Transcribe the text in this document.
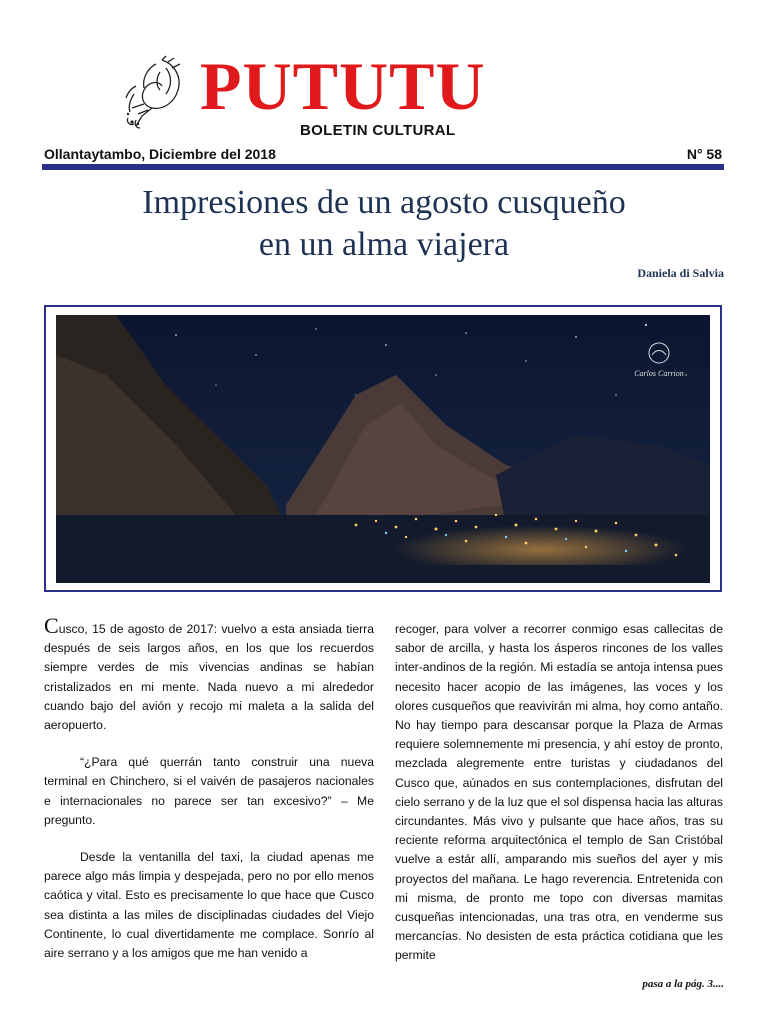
PUTUTU
BOLETIN CULTURAL
Ollantaytambo, Diciembre del 2018	N° 58
Impresiones de un agosto cusqueño
en un alma viajera
Daniela di Salvia
Carlos Carrion

Cusco, 15 de agosto de 2017: vuelvo a esta ansiada tierra después de seis largos años, en los que los recuerdos siempre verdes de mis vivencias andinas se habían cristalizados en mi mente. Nada nuevo a mi alrededor cuando bajo del avión y recojo mi maleta a la salida del aeropuerto.

“¿Para qué querrán tanto construir una nueva terminal en Chinchero, si el vaivén de pasajeros nacionales e internacionales no parece ser tan excesivo?” – Me pregunto.

Desde la ventanilla del taxi, la ciudad apenas me parece algo más limpia y despejada, pero no por ello menos caótica y vital. Esto es precisamente lo que hace que Cusco sea distinta a las miles de disciplinadas ciudades del Viejo Continente, lo cual divertidamente me complace. Sonrío al aire serrano y a los amigos que me han venido a

recoger, para volver a recorrer conmigo esas callecitas de sabor de arcilla, y hasta los ásperos rincones de los valles inter-andinos de la región. Mi estadía se antoja intensa pues necesito hacer acopio de las imágenes, las voces y los olores cusqueños que reavivirán mi alma, hoy como antaño. No hay tiempo para descansar porque la Plaza de Armas requiere solemnemente mi presencia, y ahí estoy de pronto, mezclada alegremente entre turistas y ciudadanos del Cusco que, aúnados en sus contemplaciones, disfrutan del cielo serrano y de la luz que el sol dispensa hacia las alturas circundantes. Más vivo y pulsante que hace años, tras su reciente reforma arquitectónica el templo de San Cristóbal vuelve a estár allí, amparando mis sueños del ayer y mis proyectos del mañana. Le hago reverencia. Entretenida con mi misma, de pronto me topo con diversas mamitas cusqueñas intencionadas, una tras otra, en venderme sus mercancías. No desisten de esta práctica cotidiana que les permite

pasa a la pág. 3....
